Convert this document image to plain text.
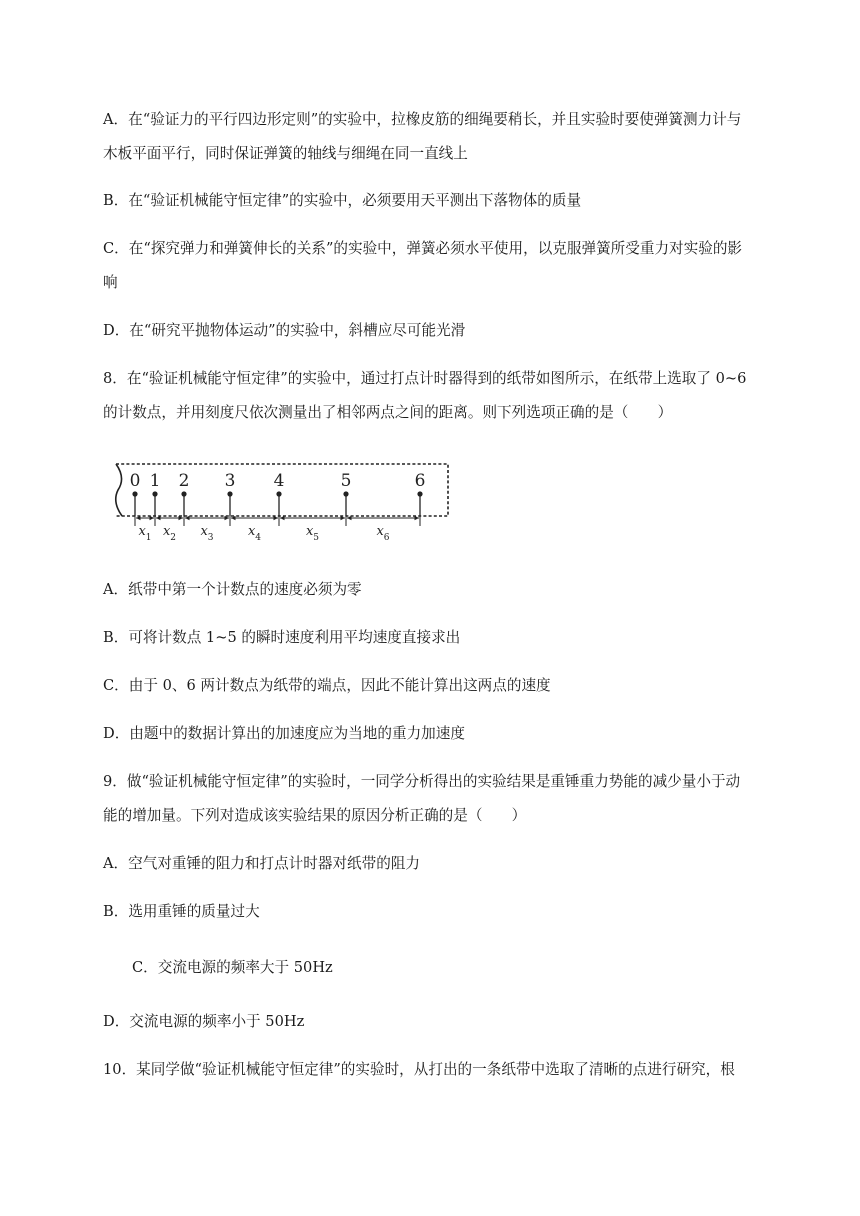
A．在“验证力的平行四边形定则”的实验中，拉橡皮筋的细绳要稍长，并且实验时要使弹簧测力计与
木板平面平行，同时保证弹簧的轴线与细绳在同一直线上
B．在“验证机械能守恒定律”的实验中，必须要用天平测出下落物体的质量
C．在“探究弹力和弹簧伸长的关系”的实验中，弹簧必须水平使用，以克服弹簧所受重力对实验的影
响
D．在“研究平抛物体运动”的实验中，斜槽应尽可能光滑
8．在“验证机械能守恒定律”的实验中，通过打点计时器得到的纸带如图所示，在纸带上选取了 0~6
的计数点，并用刻度尺依次测量出了相邻两点之间的距离。则下列选项正确的是（　　）
0 1 2 3 4	5	6
$x_1$ $x_2$ $x_3$	$x_4$	$x_5$	$x_6$
A．纸带中第一个计数点的速度必须为零
B．可将计数点 1~5 的瞬时速度利用平均速度直接求出
C．由于 0、6 两计数点为纸带的端点，因此不能计算出这两点的速度
D．由题中的数据计算出的加速度应为当地的重力加速度
9．做“验证机械能守恒定律”的实验时，一同学分析得出的实验结果是重锤重力势能的减少量小于动
能的增加量。下列对造成该实验结果的原因分析正确的是（　　）
A．空气对重锤的阻力和打点计时器对纸带的阻力
B．选用重锤的质量过大
C．交流电源的频率大于 50Hz
D．交流电源的频率小于 50Hz
10．某同学做“验证机械能守恒定律”的实验时，从打出的一条纸带中选取了清晰的点进行研究，根
